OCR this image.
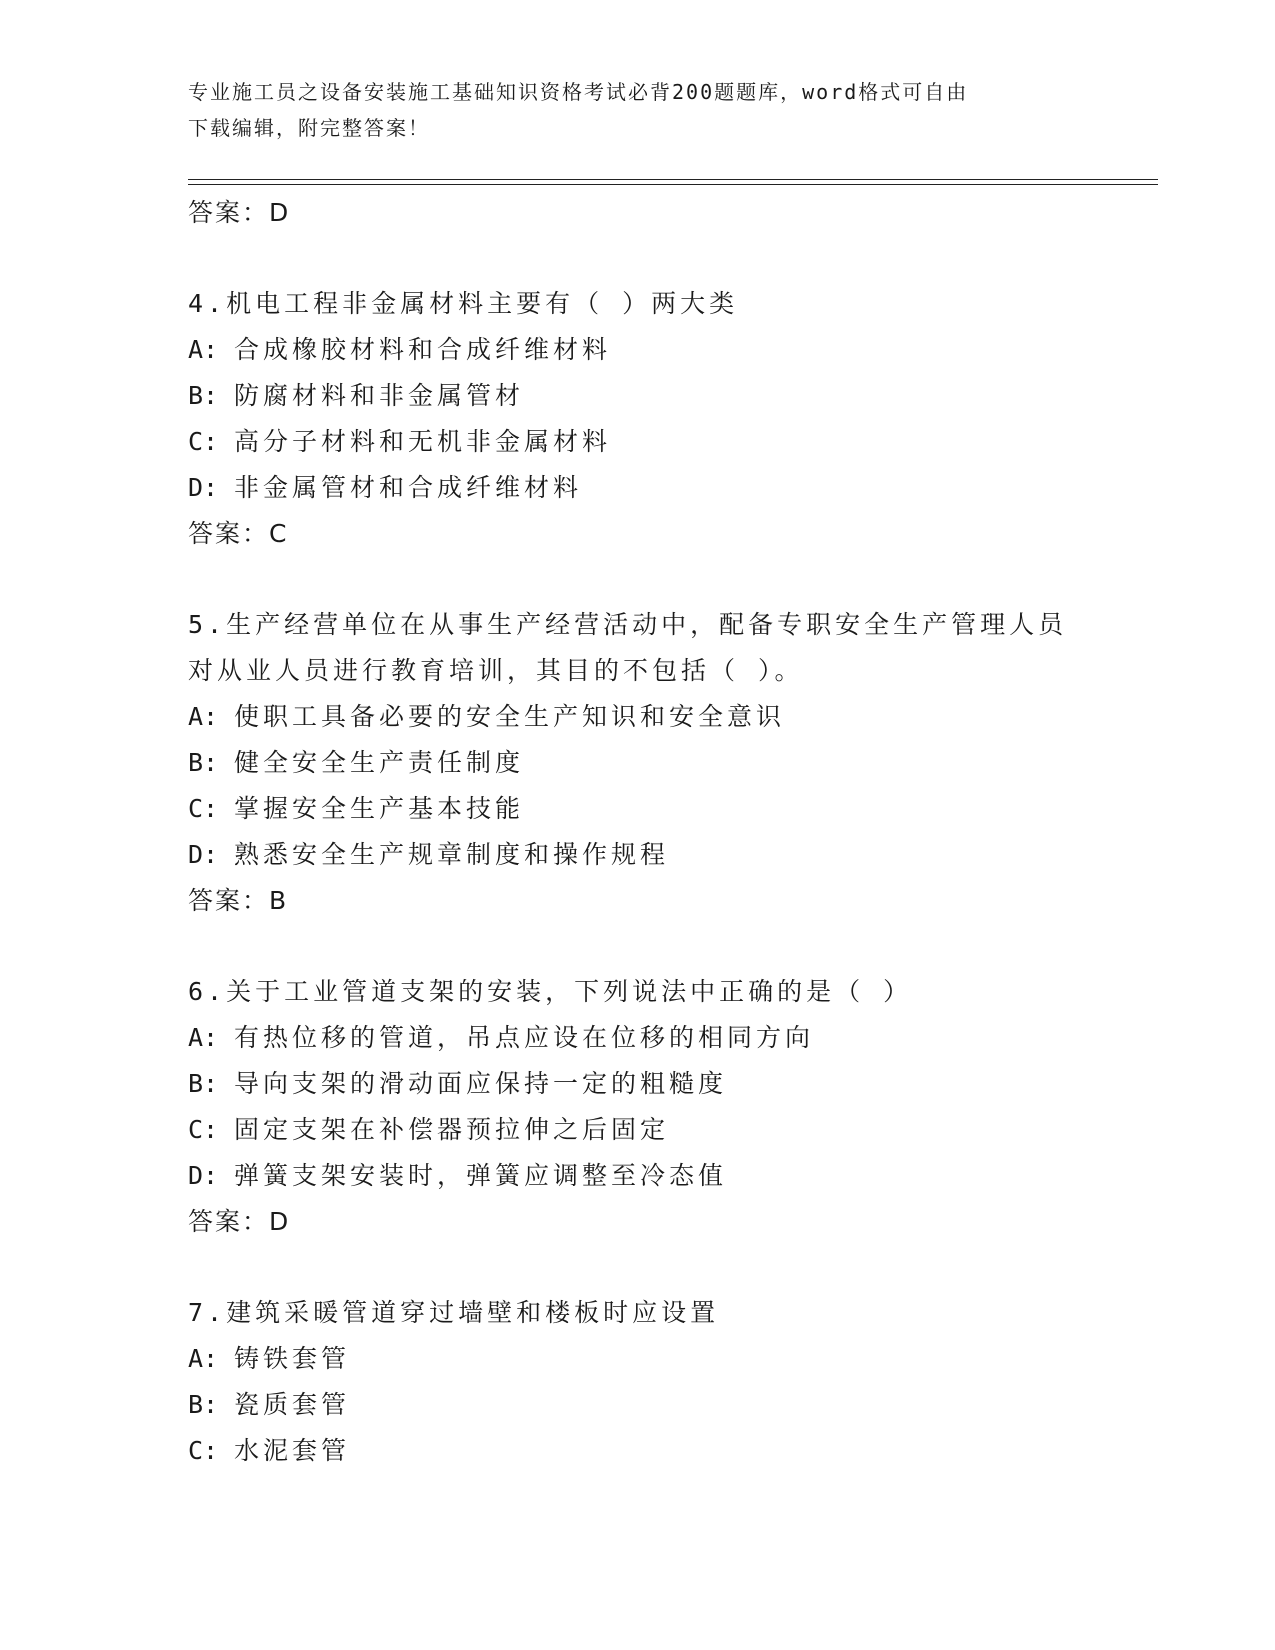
专业施工员之设备安装施工基础知识资格考试必背200题题库，word格式可自由
下载编辑，附完整答案！
答案：D
4.机电工程非金属材料主要有（ ）两大类
A: 合成橡胶材料和合成纤维材料
B: 防腐材料和非金属管材
C: 高分子材料和无机非金属材料
D: 非金属管材和合成纤维材料
答案：C
5.生产经营单位在从事生产经营活动中，配备专职安全生产管理人员
对从业人员进行教育培训，其目的不包括（ ）。
A: 使职工具备必要的安全生产知识和安全意识
B: 健全安全生产责任制度
C: 掌握安全生产基本技能
D: 熟悉安全生产规章制度和操作规程
答案：B
6.关于工业管道支架的安装，下列说法中正确的是（ ）
A: 有热位移的管道，吊点应设在位移的相同方向
B: 导向支架的滑动面应保持一定的粗糙度
C: 固定支架在补偿器预拉伸之后固定
D: 弹簧支架安装时，弹簧应调整至冷态值
答案：D
7.建筑采暖管道穿过墙壁和楼板时应设置
A: 铸铁套管
B: 瓷质套管
C: 水泥套管
